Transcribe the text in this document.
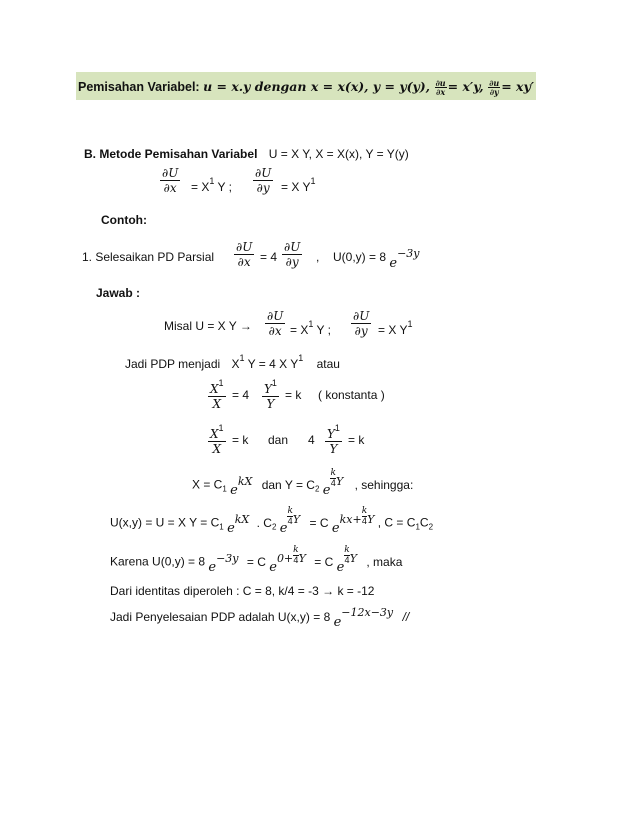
Pemisahan Variabel: u = x.y dengan x = x(x), y = y(y), $\frac{\partial u}{\partial x} = x'y$, $\frac{\partial u}{\partial y} = xy'$
B. Metode Pemisahan Variabel U = X Y, X = X(x), Y = Y(y)
$\frac{\partial U}{\partial x} = X^1$ Y ; $\frac{\partial U}{\partial y} = X$ $Y^1$
Contoh:
1. Selesaikan PD Parsial $\frac{\partial U}{\partial x} = 4 \frac{\partial U}{\partial y}$ , U(0,y) = 8 e−3y
Jawab :
Misal U = X $Y \to \frac{\partial U}{\partial x} = X^1$ Y ; $\frac{\partial U}{\partial y} = X$ $Y^1$
Jadi PDP menjadi $X^1$ Y = 4 X $Y^1$ atau
$\frac{X^1}{X} = 4 \frac{Y^1}{Y} = k$ ( konstanta )
$\frac{X^1}{X} = k$ dan $4 \frac{Y^1}{Y} = k$
$X = C_1$ ekX dan $Y = C_2$ e
$\frac{k}{4}Y$ , sehingga:
U(x,y) = U = X $Y = C_1$ ekX . $C_2$ e
$\frac{k}{4}Y = C$ $ekx+ \frac{k}{4}Y$ , $C = C_1C_2$
Karena U(0,y) = 8 e−3y = C $e0+ \frac{k}{4}Y = C$ e
$\frac{k}{4}Y$ , maka
Dari identitas diperoleh : C = 8, k/4 = -3 → k = -12
Jadi Penyelesaian PDP adalah U(x,y) = 8 e−12x−3y //
